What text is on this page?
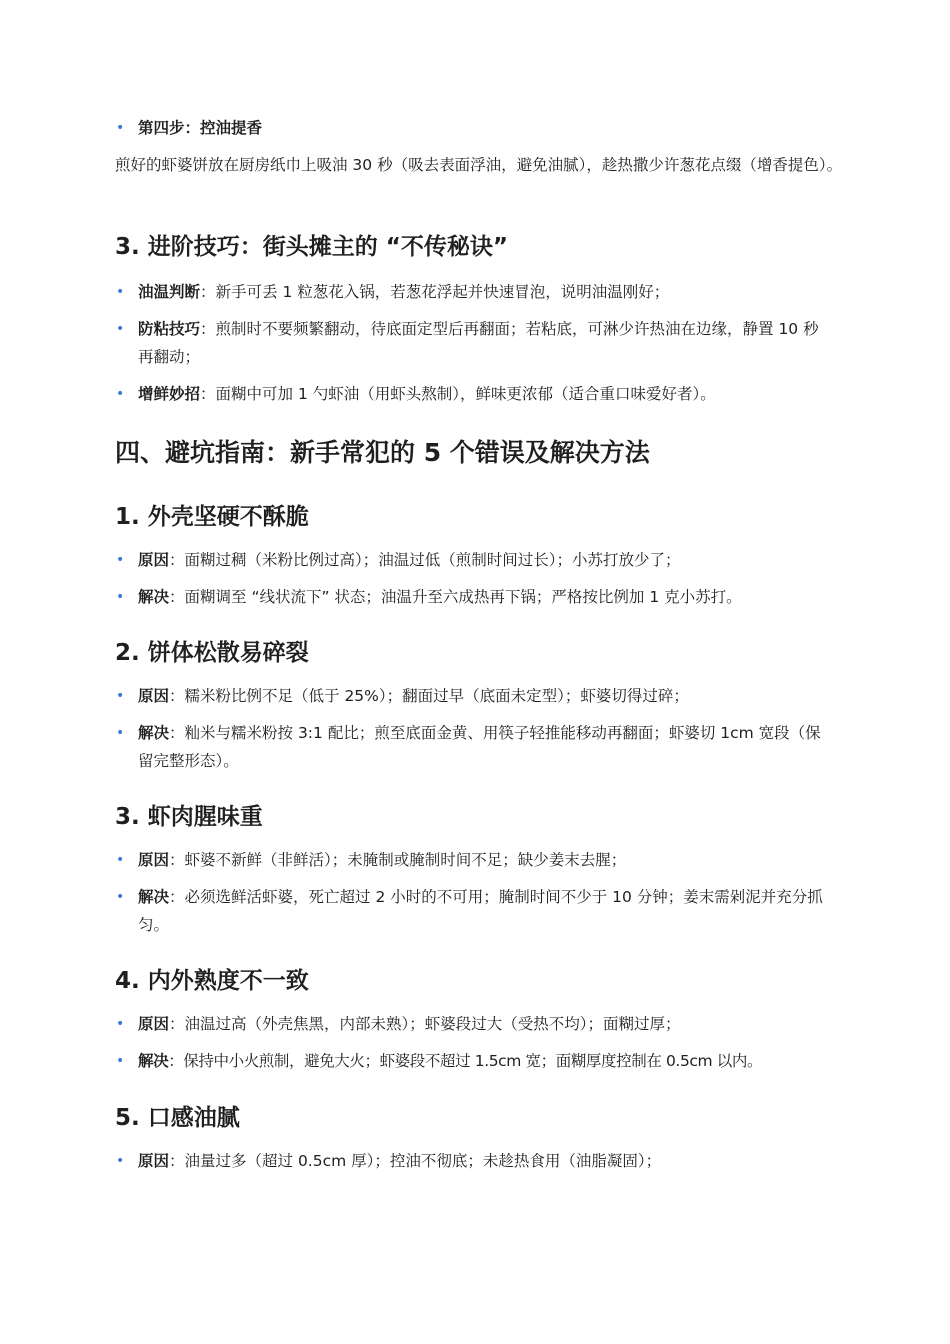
• 第四步：控油提香
煎好的虾婆饼放在厨房纸巾上吸油 30 秒（吸去表面浮油，避免油腻），趁热撒少许葱花点缀（增香提色）。
3. 进阶技巧：街头摊主的 “不传秘诀”
• 油温判断：新手可丢 1 粒葱花入锅，若葱花浮起并快速冒泡，说明油温刚好；
• 防粘技巧：煎制时不要频繁翻动，待底面定型后再翻面；若粘底，可淋少许热油在边缘，静置 10 秒再翻动；
• 增鲜妙招：面糊中可加 1 勺虾油（用虾头熬制），鲜味更浓郁（适合重口味爱好者）。
四、避坑指南：新手常犯的 5 个错误及解决方法
1. 外壳坚硬不酥脆
• 原因：面糊过稠（米粉比例过高）；油温过低（煎制时间过长）；小苏打放少了；
• 解决：面糊调至 “线状流下” 状态；油温升至六成热再下锅；严格按比例加 1 克小苏打。
2. 饼体松散易碎裂
• 原因：糯米粉比例不足（低于 25%）；翻面过早（底面未定型）；虾婆切得过碎；
• 解决：籼米与糯米粉按 3:1 配比；煎至底面金黄、用筷子轻推能移动再翻面；虾婆切 1cm 宽段（保留完整形态）。
3. 虾肉腥味重
• 原因：虾婆不新鲜（非鲜活）；未腌制或腌制时间不足；缺少姜末去腥；
• 解决：必须选鲜活虾婆，死亡超过 2 小时的不可用；腌制时间不少于 10 分钟；姜末需剁泥并充分抓匀。
4. 内外熟度不一致
• 原因：油温过高（外壳焦黑，内部未熟）；虾婆段过大（受热不均）；面糊过厚；
• 解决：保持中小火煎制，避免大火；虾婆段不超过 1.5cm 宽；面糊厚度控制在 0.5cm 以内。
5. 口感油腻
• 原因：油量过多（超过 0.5cm 厚）；控油不彻底；未趁热食用（油脂凝固）；
